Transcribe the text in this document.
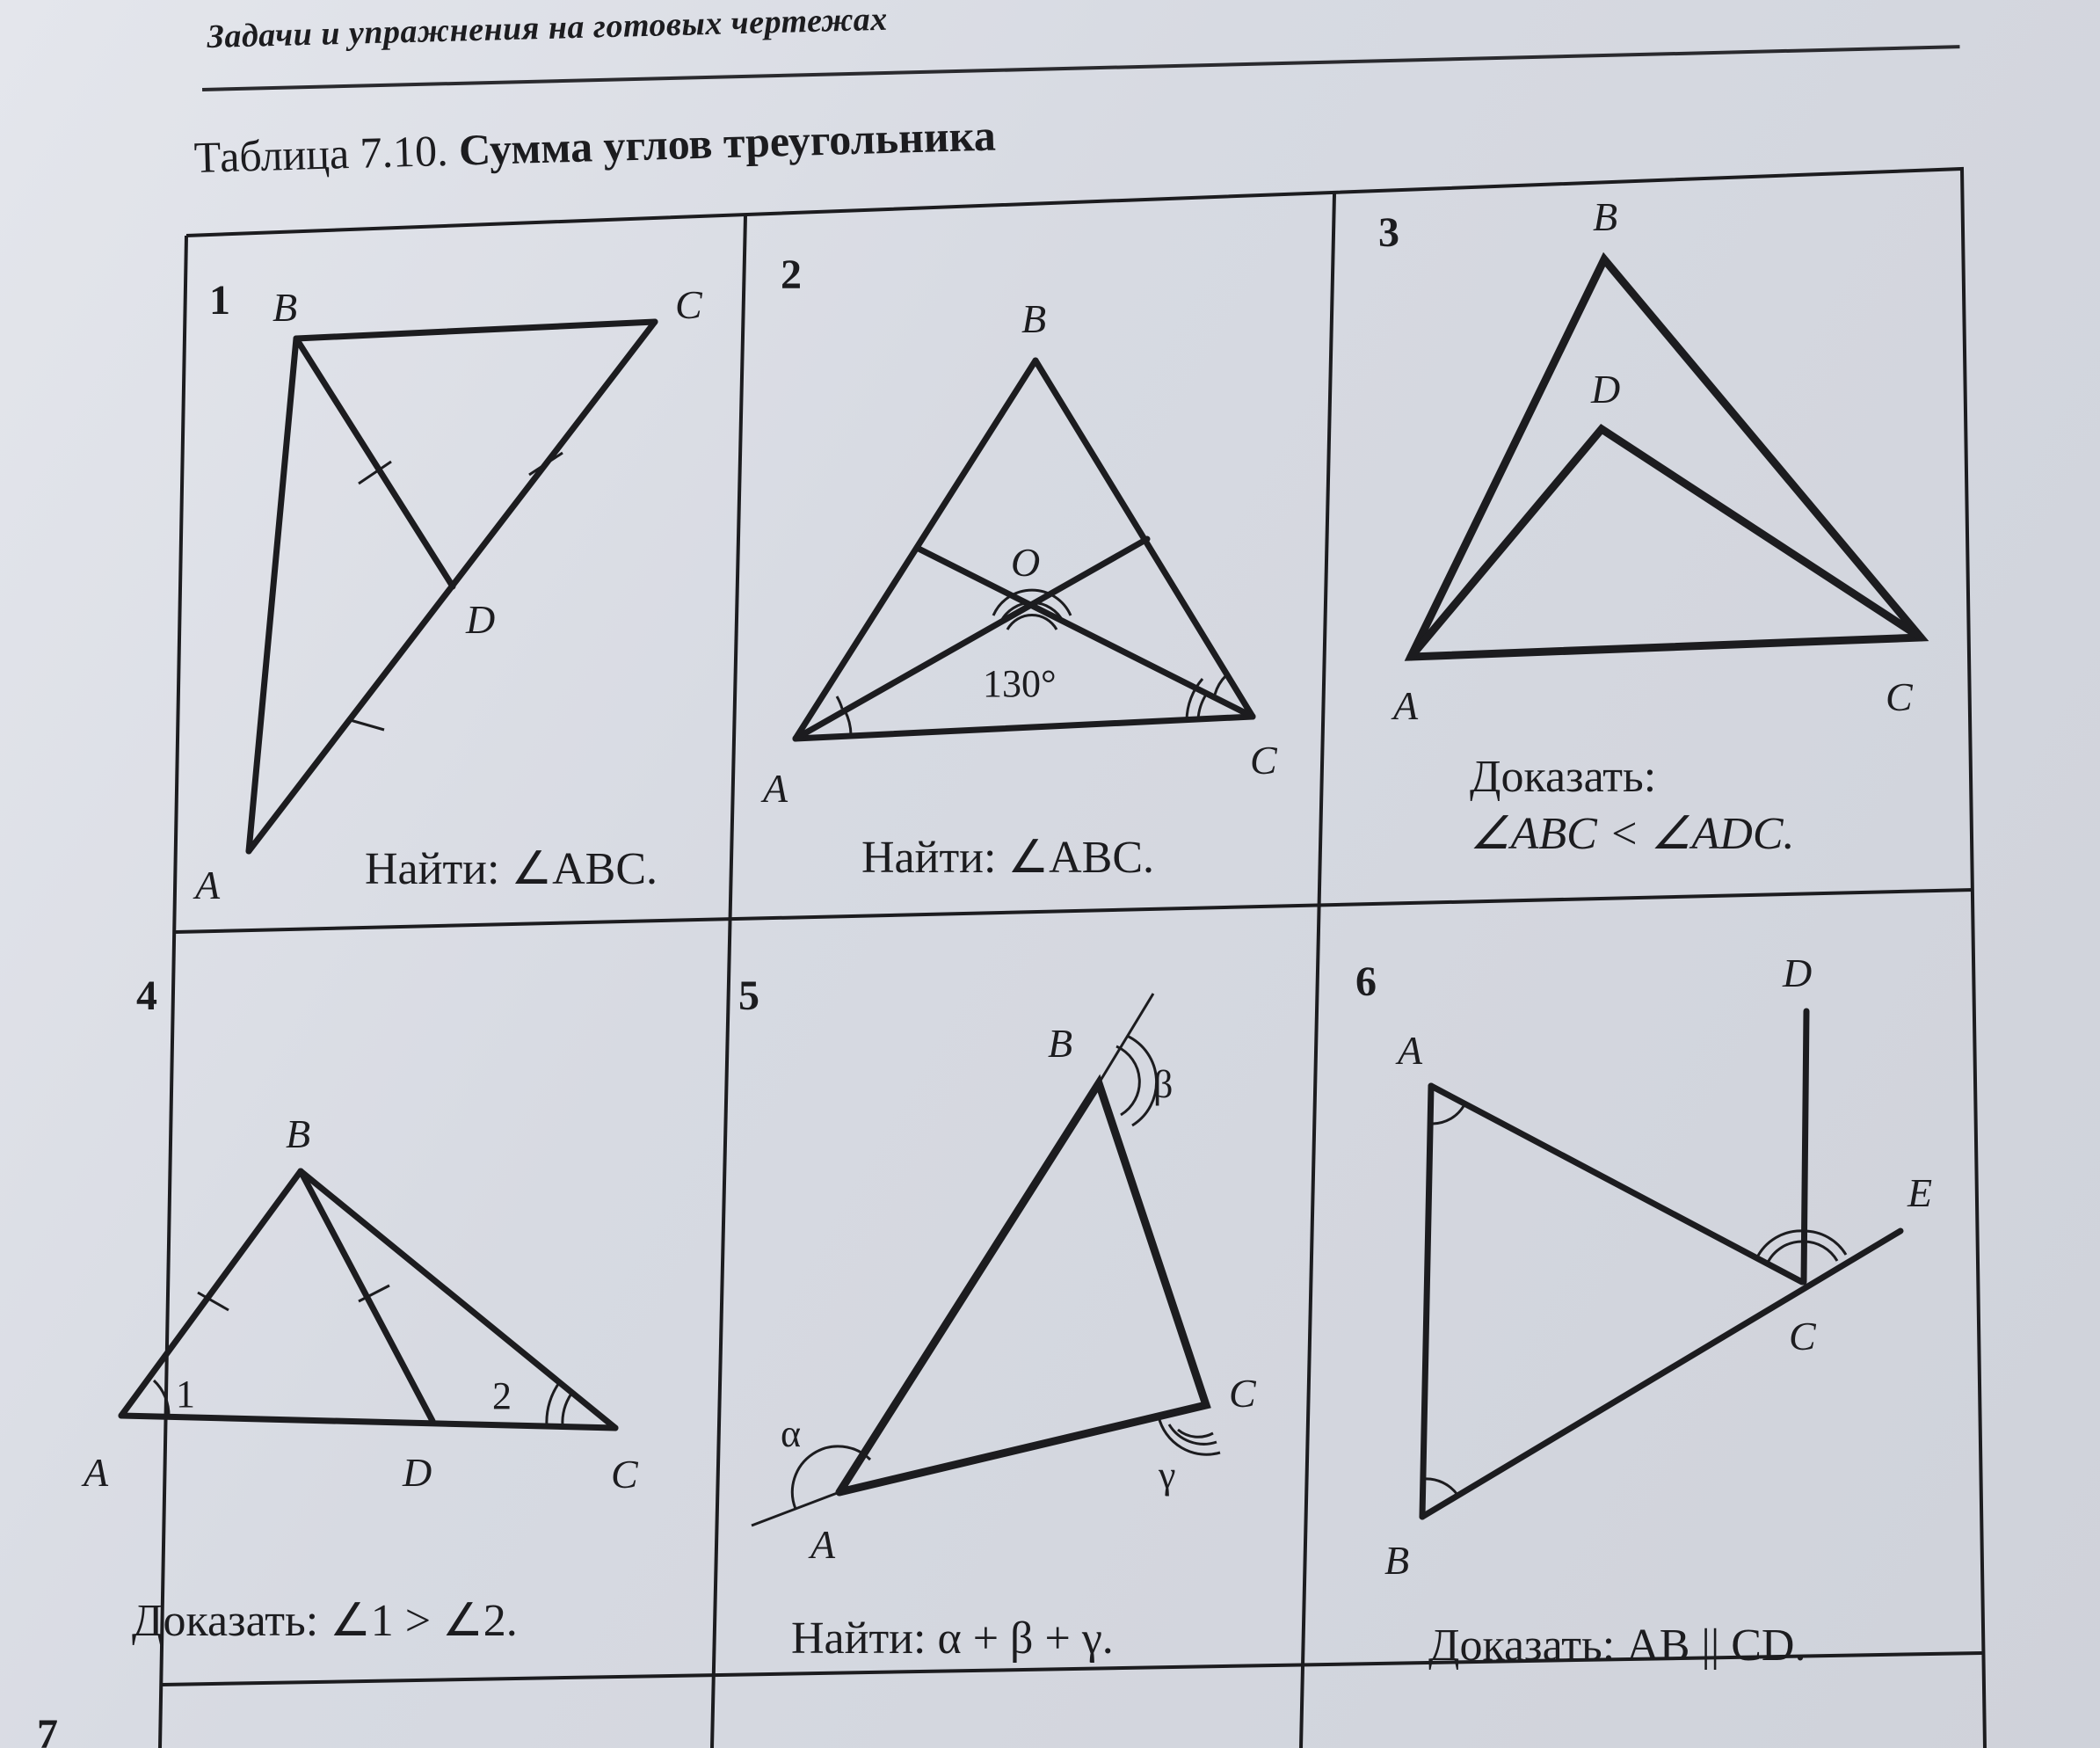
Задачи и упражнения на готовых чертежах
Таблица 7.10. Сумма углов треугольника
1 B	C
D
A	Найти: ∠ABC.
2
B
O
130°
A
C
Найти: ∠ABC.
3	B
D
A	C
Доказать:
∠ABC < ∠ADC.
4
B
1	2
A	D	C
Доказать: ∠1 > ∠2.
5
B
β
C
γ
α
A
Найти: α + β + γ.
6	D
A
E
C
B
Доказать: AB || CD.
7
